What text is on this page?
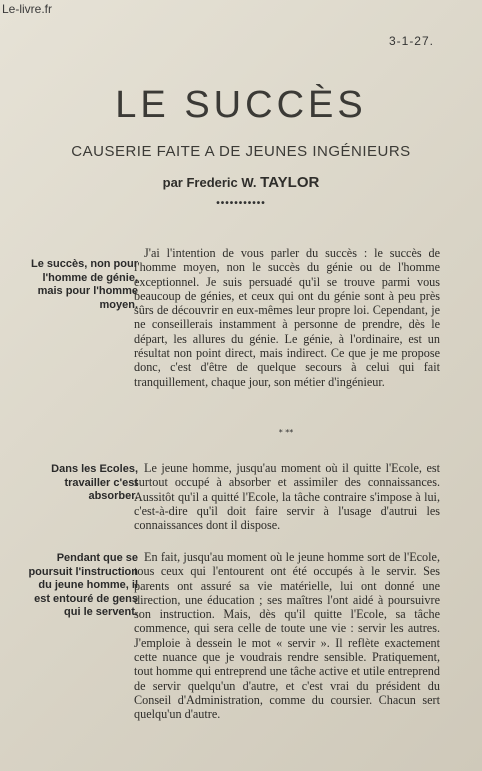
Le-livre.fr
3-1-27.
LE SUCCÈS
CAUSERIE FAITE A DE JEUNES INGÉNIEURS
par Frederic W. TAYLOR
•••••••••••
Le succès, non pour l'homme de génie, mais pour l'homme moyen.

J'ai l'intention de vous parler du succès : le succès de l'homme moyen, non le succès du génie ou de l'homme exceptionnel. Je suis persuadé qu'il se trouve parmi vous beaucoup de génies, et ceux qui ont du génie sont à peu près sûrs de découvrir en eux-mêmes leur propre loi. Cependant, je ne conseillerais instamment à personne de prendre, dès le départ, les allures du génie. Le génie, à l'ordinaire, est un résultat non point direct, mais indirect. Ce que je me propose donc, c'est d'être de quelque secours à celui qui fait tranquillement, chaque jour, son métier d'ingénieur.

* **
Dans les Ecoles, travailler c'est absorber.

Le jeune homme, jusqu'au moment où il quitte l'Ecole, est surtout occupé à absorber et assimiler des connaissances. Aussitôt qu'il a quitté l'Ecole, la tâche contraire s'impose à lui, c'est-à-dire qu'il doit faire servir à l'usage d'autrui les connaissances dont il dispose.

Pendant que se poursuit l'instruction du jeune homme, il est entouré de gens qui le servent.

En fait, jusqu'au moment où le jeune homme sort de l'Ecole, tous ceux qui l'entourent ont été occupés à le servir. Ses parents ont assuré sa vie matérielle, lui ont donné une direction, une éducation ; ses maîtres l'ont aidé à poursuivre son instruction. Mais, dès qu'il quitte l'Ecole, sa tâche commence, qui sera celle de toute une vie : servir les autres. J'emploie à dessein le mot « servir ». Il reflète exactement cette nuance que je voudrais rendre sensible. Pratiquement, tout homme qui entreprend une tâche active et utile entreprend de servir quelqu'un d'autre, et c'est vrai du président du Conseil d'Administration, comme du coursier. Chacun sert quelqu'un d'autre.
